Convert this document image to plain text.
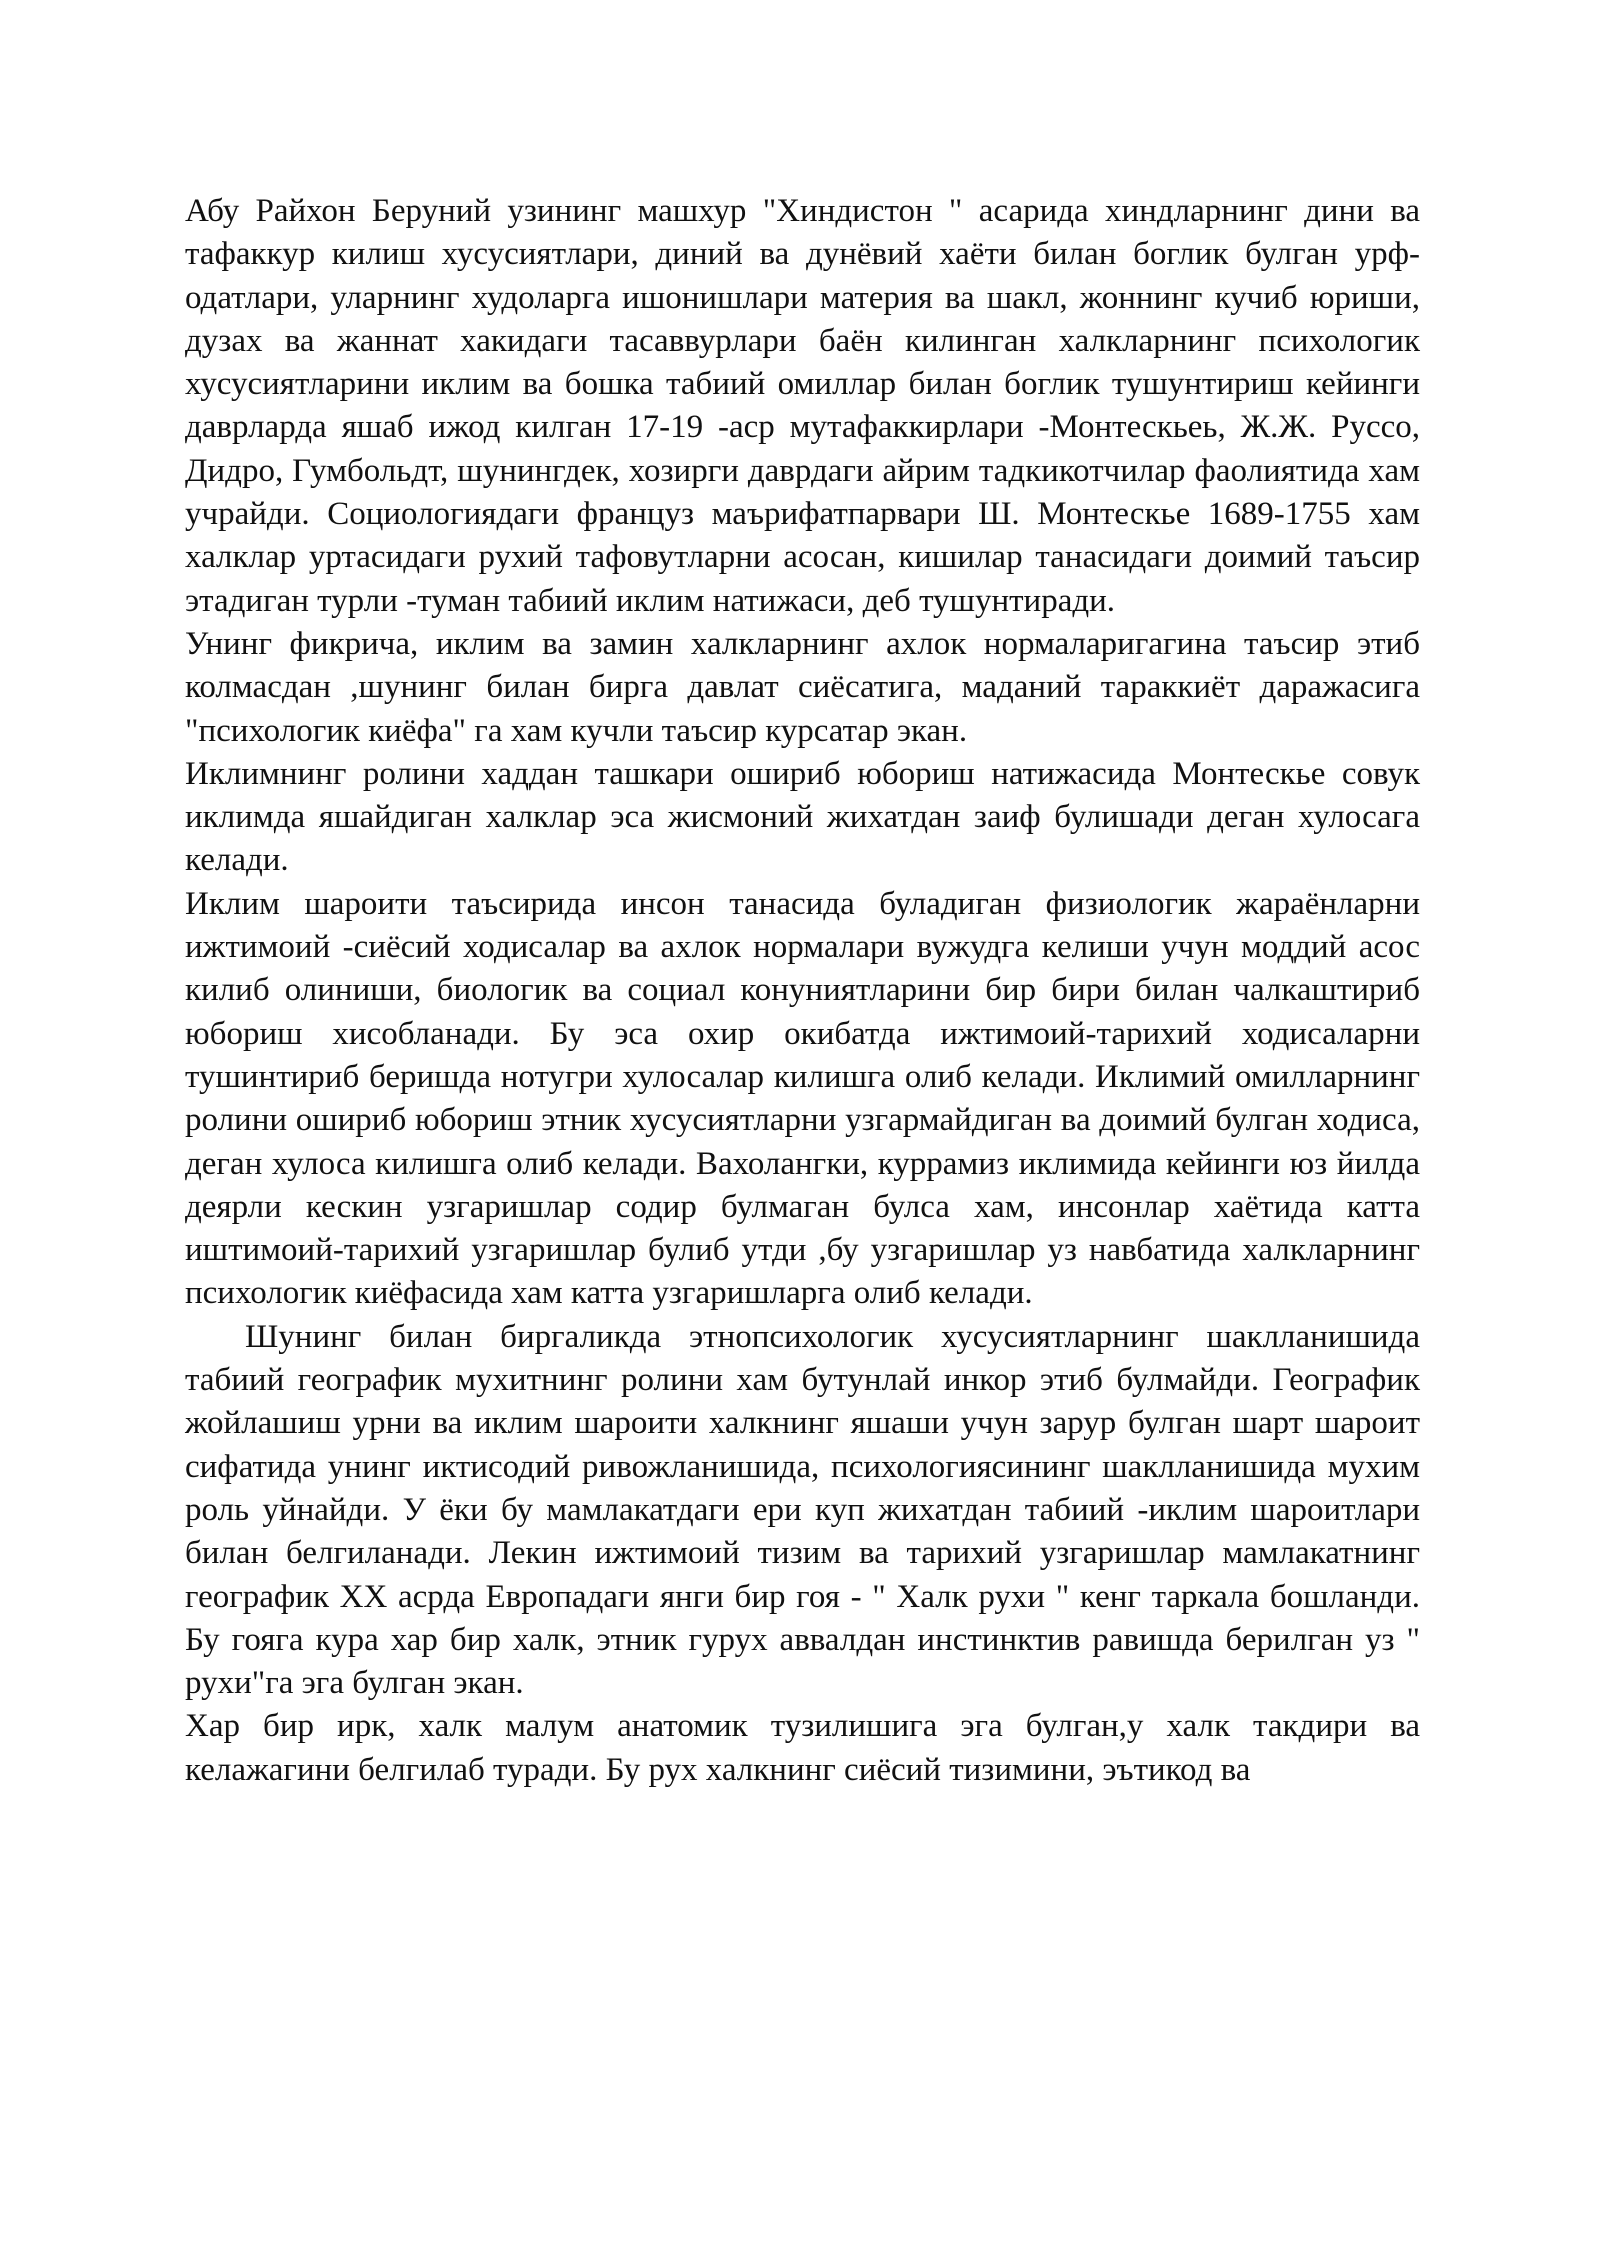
Абу Райхон Беруний узининг машхур "Хиндистон " асарида хиндларнинг дини ва тафаккур килиш хусусиятлари, диний ва дунёвий хаёти билан боглик булган урф-одатлари, уларнинг худоларга ишонишлари материя ва шакл, жоннинг кучиб юриши, дузах ва жаннат хакидаги тасаввурлари баён килинган халкларнинг психологик хусусиятларини иклим ва бошка табиий омиллар билан боглик тушунтириш кейинги даврларда яшаб ижод килган 17-19 -аср мутафаккирлари -Монтескьеь, Ж.Ж. Руссо, Дидро, Гумбольдт, шунингдек, хозирги даврдаги айрим тадкикотчилар фаолиятида хам учрайди. Социологиядаги француз маърифатпарвари Ш. Монтескье 1689-1755 хам халклар уртасидаги рухий тафовутларни асосан, кишилар танасидаги доимий таъсир этадиган турли -туман табиий иклим натижаси, деб тушунтиради.

Унинг фикрича, иклим ва замин халкларнинг ахлок нормаларигагина таъсир этиб колмасдан ,шунинг билан бирга давлат сиёсатига, маданий тараккиёт даражасига "психологик киёфа" га хам кучли таъсир курсатар экан.

Иклимнинг ролини хаддан ташкари ошириб юбориш натижасида Монтескье совук иклимда яшайдиган халклар эса жисмоний жихатдан заиф булишади деган хулосага келади.

Иклим шароити таъсирида инсон танасида буладиган физиологик жараёнларни ижтимоий -сиёсий ходисалар ва ахлок нормалари вужудга келиши учун моддий асос килиб олиниши, биологик ва социал конуниятларини бир бири билан чалкаштириб юбориш хисобланади. Бу эса охир окибатда ижтимоий-тарихий ходисаларни тушинтириб беришда нотугри хулосалар килишга олиб келади. Иклимий омилларнинг ролини ошириб юбориш этник хусусиятларни узгармайдиган ва доимий булган ходиса, деган хулоса килишга олиб келади. Вахолангки, куррамиз иклимида кейинги юз йилда деярли кескин узгаришлар содир булмаган булса хам, инсонлар хаётида катта иштимоий-тарихий узгаришлар булиб утди ,бу узгаришлар уз навбатида халкларнинг психологик киёфасида хам катта узгаришларга олиб келади.

Шунинг билан биргаликда этнопсихологик хусусиятларнинг шаклланишида табиий географик мухитнинг ролини хам бутунлай инкор этиб булмайди. Географик жойлашиш урни ва иклим шароити халкнинг яшаши учун зарур булган шарт шароит сифатида унинг иктисодий ривожланишида, психологиясининг шаклланишида мухим роль уйнайди. У ёки бу мамлакатдаги ери куп жихатдан табиий -иклим шароитлари билан белгиланади. Лекин ижтимоий тизим ва тарихий узгаришлар мамлакатнинг географик XX асрда Европадаги янги бир гоя - " Халк рухи " кенг таркала бошланди. Бу гояга кура хар бир халк, этник гурух аввалдан инстинктив равишда берилган уз " рухи"га эга булган экан.

Хар бир ирк, халк малум анатомик тузилишига эга булган,у халк такдири ва келажагини белгилаб туради. Бу рух халкнинг сиёсий тизимини, эътикод ва
